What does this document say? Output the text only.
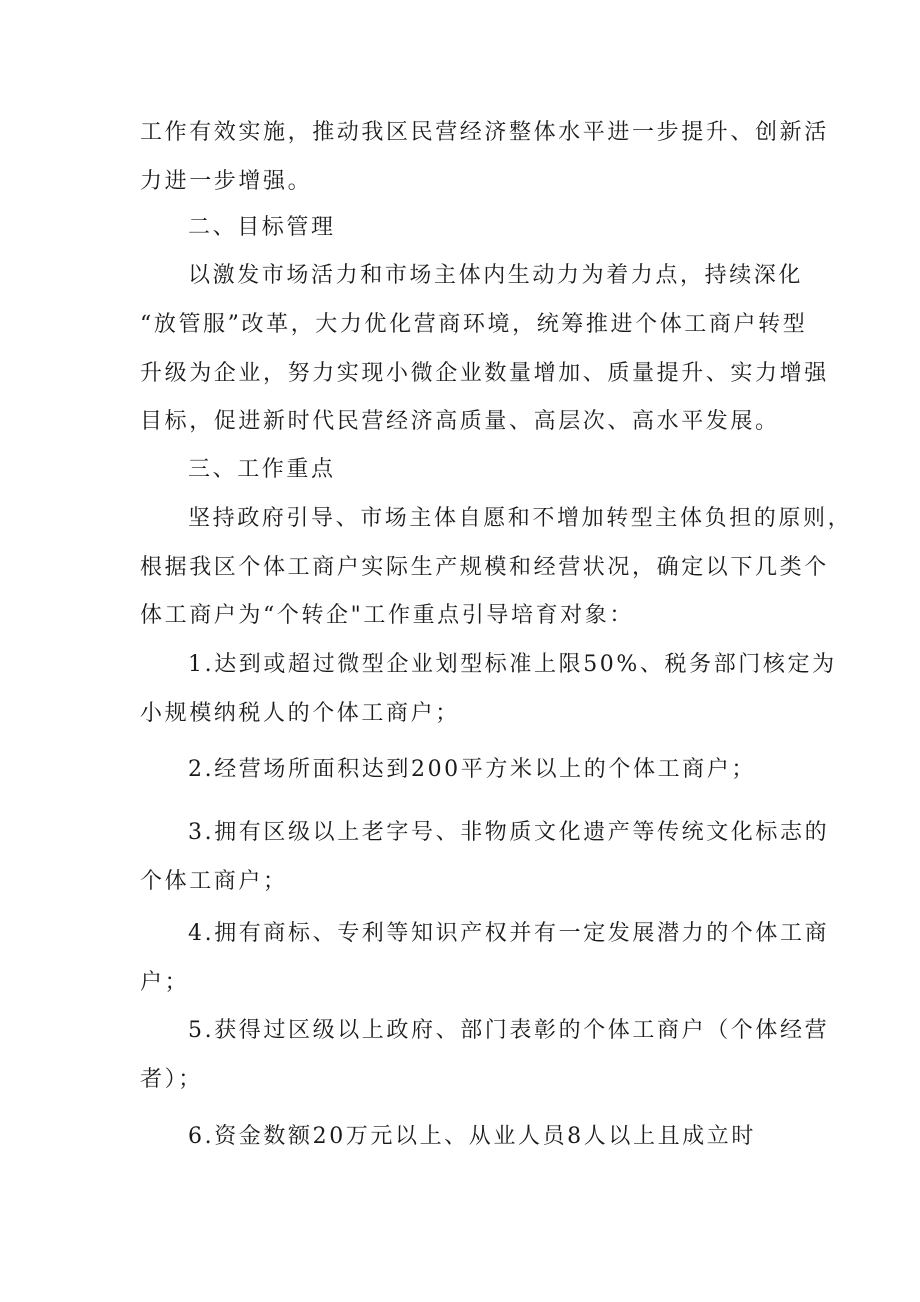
工作有效实施，推动我区民营经济整体水平进一步提升、创新活

力进一步增强。

二、目标管理

以激发市场活力和市场主体内生动力为着力点，持续深化

“放管服”改革，大力优化营商环境，统筹推进个体工商户转型

升级为企业，努力实现小微企业数量增加、质量提升、实力增强

目标，促进新时代民营经济高质量、高层次、高水平发展。

三、工作重点

坚持政府引导、市场主体自愿和不增加转型主体负担的原则，

根据我区个体工商户实际生产规模和经营状况，确定以下几类个

体工商户为“个转企"工作重点引导培育对象：

1.达到或超过微型企业划型标准上限50%、税务部门核定为

小规模纳税人的个体工商户；

2.经营场所面积达到200平方米以上的个体工商户；

3.拥有区级以上老字号、非物质文化遗产等传统文化标志的

个体工商户；

4.拥有商标、专利等知识产权并有一定发展潜力的个体工商

户；

5.获得过区级以上政府、部门表彰的个体工商户（个体经营

者）；

6.资金数额20万元以上、从业人员8人以上且成立时
